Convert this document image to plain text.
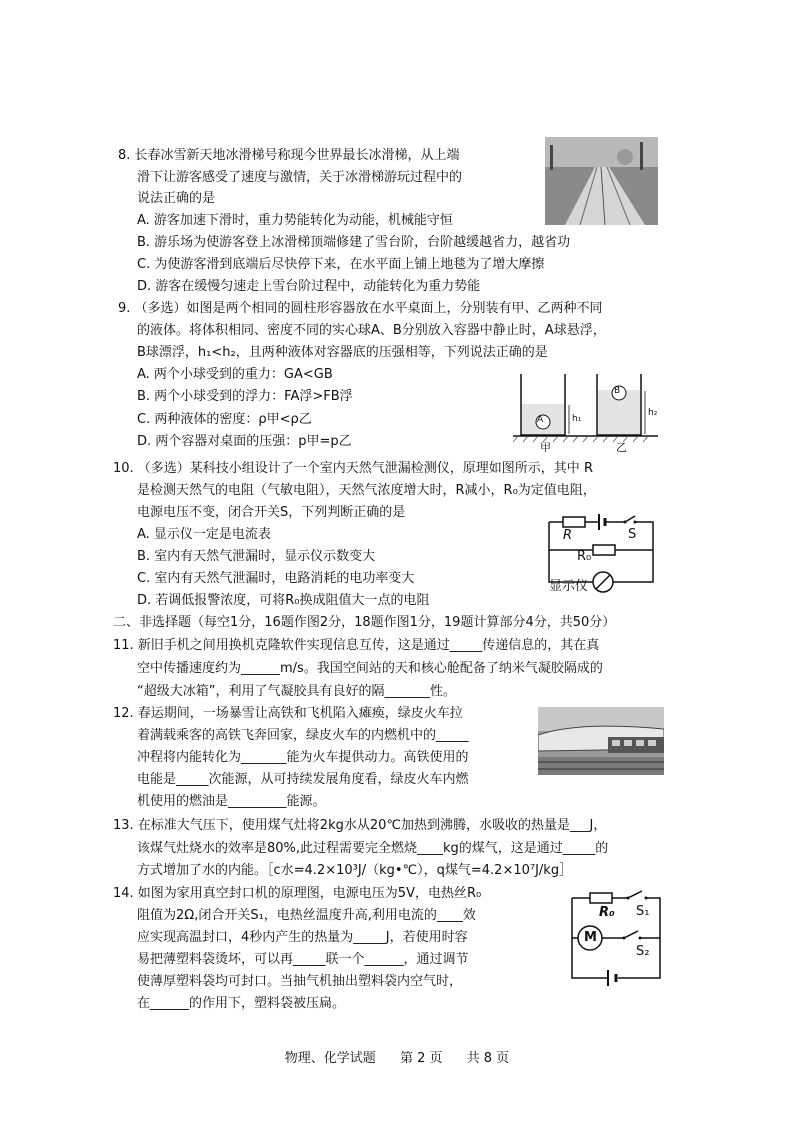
8. 长春冰雪新天地冰滑梯号称现今世界最长冰滑梯，从上端
滑下让游客感受了速度与激情，关于冰滑梯游玩过程中的
说法正确的是
A. 游客加速下滑时，重力势能转化为动能，机械能守恒
B. 游乐场为使游客登上冰滑梯顶端修建了雪台阶，台阶越缓越省力，越省功
C. 为使游客滑到底端后尽快停下来，在水平面上铺上地毯为了增大摩擦
D. 游客在缓慢匀速走上雪台阶过程中，动能转化为重力势能
9. （多选）如图是两个相同的圆柱形容器放在水平桌面上，分别装有甲、乙两种不同
的液体。将体积相同、密度不同的实心球A、B分别放入容器中静止时，A球悬浮，
B球漂浮，h₁<h₂，且两种液体对容器底的压强相等，下列说法正确的是
A. 两个小球受到的重力：GA<GB
B. 两个小球受到的浮力：FA浮>FB浮
C. 两种液体的密度：ρ甲<ρ乙
D. 两个容器对桌面的压强：p甲=p乙
A
B
h₁
h₂
甲	乙
10. （多选）某科技小组设计了一个室内天然气泄漏检测仪，原理如图所示，其中 R
是检测天然气的电阻（气敏电阻），天然气浓度增大时，R减小，R₀为定值电阻，
电源电压不变，闭合开关S，下列判断正确的是
A. 显示仪一定是电流表
B. 室内有天然气泄漏时，显示仪示数变大
C. 室内有天然气泄漏时，电路消耗的电功率变大
D. 若调低报警浓度，可将R₀换成阻值大一点的电阻
R	S
R₀
显示仪
二、非选择题（每空1分，16题作图2分，18题作图1分，19题计算部分4分，共50分）
11. 新旧手机之间用换机克隆软件实现信息互传，这是通过_____传递信息的，其在真
空中传播速度约为______m/s。我国空间站的天和核心舱配备了纳米气凝胶隔成的
“超级大冰箱”，利用了气凝胶具有良好的隔_______性。
12. 春运期间，一场暴雪让高铁和飞机陷入瘫痪，绿皮火车拉
着满载乘客的高铁飞奔回家，绿皮火车的内燃机中的_____
冲程将内能转化为_______能为火车提供动力。高铁使用的
电能是_____次能源，从可持续发展角度看，绿皮火车内燃
机使用的燃油是_________能源。
13. 在标准大气压下，使用煤气灶将2kg水从20℃加热到沸腾，水吸收的热量是___J，
该煤气灶烧水的效率是80%,此过程需要完全燃烧____kg的煤气，这是通过_____的
方式增加了水的内能。［c水=4.2×10³J/（kg•℃），q煤气=4.2×10⁷J/kg］
14. 如图为家用真空封口机的原理图，电源电压为5V，电热丝R₀
阻值为2Ω,闭合开关S₁，电热丝温度升高,利用电流的____效
应实现高温封口，4秒内产生的热量为_____J，若使用时容
易把薄塑料袋烫坏，可以再_____联一个______，通过调节
使薄厚塑料袋均可封口。当抽气机抽出塑料袋内空气时，
在______的作用下，塑料袋被压扁。
R₀ S₁
M
S₂
物理、化学试题 第 2 页 共 8 页
